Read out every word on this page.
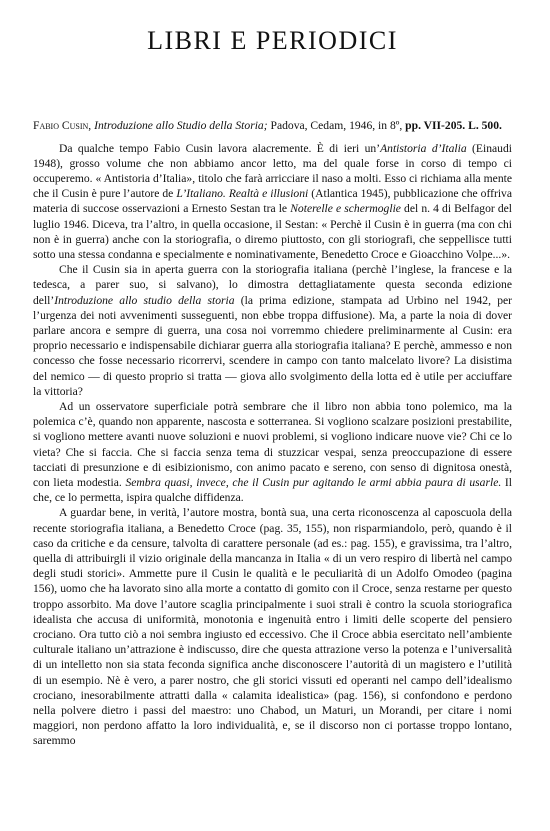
LIBRI E PERIODICI

Fabio Cusin, Introduzione allo Studio della Storia; Padova, Cedam, 1946, in 8º, pp. VII-205. L. 500.

Da qualche tempo Fabio Cusin lavora alacremente. È di ieri un’Antistoria d’Italia (Einaudi 1948), grosso volume che non abbiamo ancor letto, ma del quale forse in corso di tempo ci occuperemo. « Antistoria d’Italia», titolo che farà arricciare il naso a molti. Esso ci richiama alla mente che il Cusin è pure l’autore de L’Italiano. Realtà e illusioni (Atlantica 1945), pubblicazione che offriva materia di succose osservazioni a Ernesto Sestan tra le Noterelle e schermoglie del n. 4 di Belfagor del luglio 1946. Diceva, tra l’altro, in quella occasione, il Sestan: « Perchè il Cusin è in guerra (ma con chi non è in guerra) anche con la storiografia, o diremo piuttosto, con gli storiografi, che seppellisce tutti sotto una stessa condanna e specialmente e nominativamente, Benedetto Croce e Gioacchino Volpe...».

Che il Cusin sia in aperta guerra con la storiografia italiana (perchè l’inglese, la francese e la tedesca, a parer suo, si salvano), lo dimostra dettagliatamente questa seconda edizione dell’Introduzione allo studio della storia (la prima edizione, stampata ad Urbino nel 1942, per l’urgenza dei noti avvenimenti susseguenti, non ebbe troppa diffusione). Ma, a parte la noia di dover parlare ancora e sempre di guerra, una cosa noi vorremmo chiedere preliminarmente al Cusin: era proprio necessario e indispensabile dichiarar guerra alla storiografia italiana? E perchè, ammesso e non concesso che fosse necessario ricorrervi, scendere in campo con tanto malcelato livore? La disistima del nemico — di questo proprio si tratta — giova allo svolgimento della lotta ed è utile per acciuffare la vittoria?

Ad un osservatore superficiale potrà sembrare che il libro non abbia tono polemico, ma la polemica c’è, quando non apparente, nascosta e sotterranea. Si vogliono scalzare posizioni prestabilite, si vogliono mettere avanti nuove soluzioni e nuovi problemi, si vogliono indicare nuove vie? Chi ce lo vieta? Che si faccia. Che si faccia senza tema di stuzzicar vespai, senza preoccupazione di essere tacciati di presunzione e di esibizionismo, con animo pacato e sereno, con senso di dignitosa onestà, con lieta modestia. Sembra quasi, invece, che il Cusin pur agitando le armi abbia paura di usarle. Il che, ce lo permetta, ispira qualche diffidenza.

A guardar bene, in verità, l’autore mostra, bontà sua, una certa riconoscenza al caposcuola della recente storiografia italiana, a Benedetto Croce (pag. 35, 155), non risparmiandolo, però, quando è il caso da critiche e da censure, talvolta di carattere personale (ad es.: pag. 155), e gravissima, tra l’altro, quella di attribuirgli il vizio originale della mancanza in Italia « di un vero respiro di libertà nel campo degli studi storici». Ammette pure il Cusin le qualità e le peculiarità di un Adolfo Omodeo (pagina 156), uomo che ha lavorato sino alla morte a contatto di gomito con il Croce, senza restarne per questo troppo assorbito. Ma dove l’autore scaglia principalmente i suoi strali è contro la scuola storiografica idealista che accusa di uniformità, monotonia e ingenuità entro i limiti delle scoperte del pensiero crociano. Ora tutto ciò a noi sembra ingiusto ed eccessivo. Che il Croce abbia esercitato nell’ambiente culturale italiano un’attrazione è indiscusso, dire che questa attrazione verso la potenza e l’universalità di un intelletto non sia stata feconda significa anche disconoscere l’autorità di un magistero e l’utilità di un esempio. Nè è vero, a parer nostro, che gli storici vissuti ed operanti nel campo dell’idealismo crociano, inesorabilmente attratti dalla « calamita idealistica» (pag. 156), si confondono e perdono nella polvere dietro i passi del maestro: uno Chabod, un Maturi, un Morandi, per citare i nomi maggiori, non perdono affatto la loro individualità, e, se il discorso non ci portasse troppo lontano, saremmo
